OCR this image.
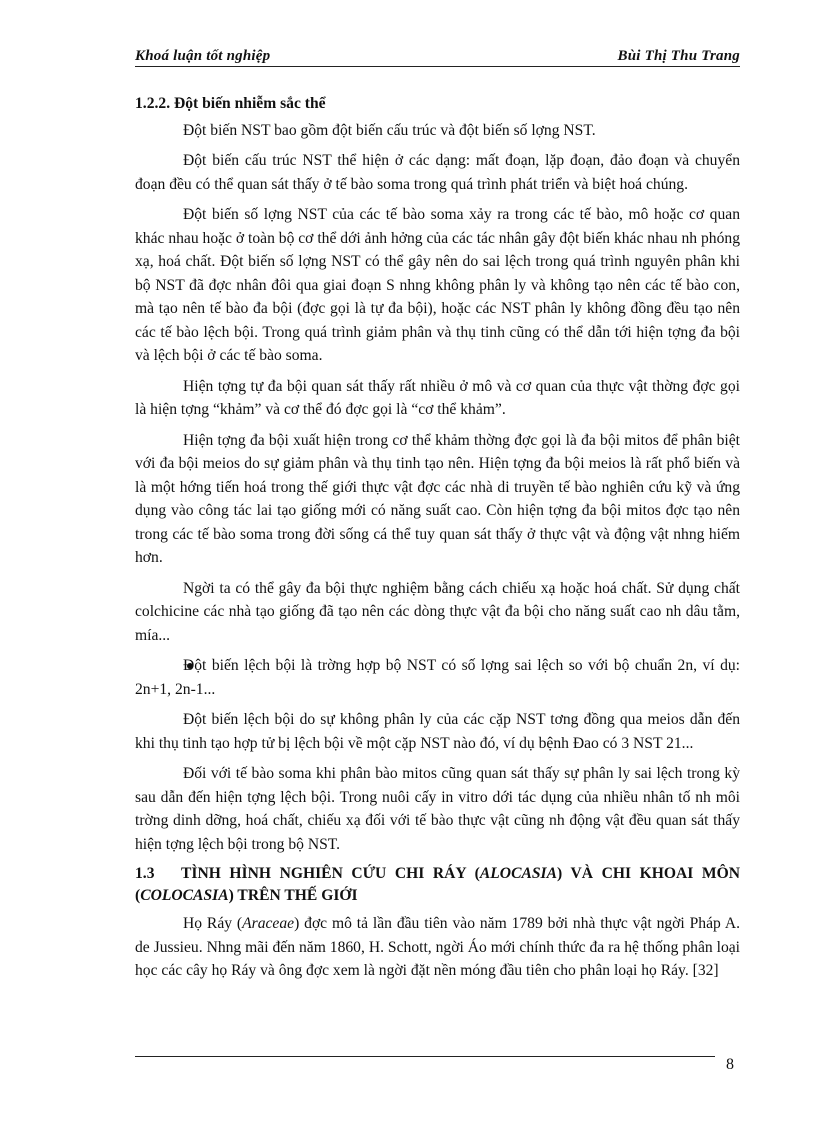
Khoá luận tốt nghiệp	Bùi Thị Thu Trang
1.2.2. Đột biến nhiễm sắc thể

Đột biến NST bao gồm đột biến cấu trúc và đột biến số lợng NST.

Đột biến cấu trúc NST thể hiện ở các dạng: mất đoạn, lặp đoạn, đảo đoạn và chuyển đoạn đều có thể quan sát thấy ở tế bào soma trong quá trình phát triển và biệt hoá chúng.

Đột biến số lợng NST của các tế bào soma xảy ra trong các tế bào, mô hoặc cơ quan khác nhau hoặc ở toàn bộ cơ thể dới ảnh hởng của các tác nhân gây đột biến khác nhau nh phóng xạ, hoá chất. Đột biến số lợng NST có thể gây nên do sai lệch trong quá trình nguyên phân khi bộ NST đã đợc nhân đôi qua giai đoạn S nhng không phân ly và không tạo nên các tế bào con, mà tạo nên tế bào đa bội (đợc gọi là tự đa bội), hoặc các NST phân ly không đồng đều tạo nên các tế bào lệch bội. Trong quá trình giảm phân và thụ tinh cũng có thể dẫn tới hiện tợng đa bội và lệch bội ở các tế bào soma.

Hiện tợng tự đa bội quan sát thấy rất nhiều ở mô và cơ quan của thực vật thờng đợc gọi là hiện tợng “khảm” và cơ thể đó đợc gọi là “cơ thể khảm”.

Hiện tợng đa bội xuất hiện trong cơ thể khảm thờng đợc gọi là đa bội mitos để phân biệt với đa bội meios do sự giảm phân và thụ tinh tạo nên. Hiện tợng đa bội meios là rất phổ biến và là một hớng tiến hoá trong thế giới thực vật đợc các nhà di truyền tế bào nghiên cứu kỹ và ứng dụng vào công tác lai tạo giống mới có năng suất cao. Còn hiện tợng đa bội mitos đợc tạo nên trong các tế bào soma trong đời sống cá thể tuy quan sát thấy ở thực vật và động vật nhng hiếm hơn.

Ngời ta có thể gây đa bội thực nghiệm bằng cách chiếu xạ hoặc hoá chất. Sử dụng chất colchicine các nhà tạo giống đã tạo nên các dòng thực vật đa bội cho năng suất cao nh dâu tằm, mía...

Đột biến lệch bội là trờng hợp bộ NST có số lợng sai lệch so với bộ chuẩn 2n, ví dụ: 2n+1, 2n-1...

Đột biến lệch bội do sự không phân ly của các cặp NST tơng đồng qua meios dẫn đến khi thụ tinh tạo hợp tử bị lệch bội về một cặp NST nào đó, ví dụ bệnh Đao có 3 NST 21...

Đối với tế bào soma khi phân bào mitos cũng quan sát thấy sự phân ly sai lệch trong kỳ sau dẫn đến hiện tợng lệch bội. Trong nuôi cấy in vitro dới tác dụng của nhiều nhân tố nh môi trờng dinh dỡng, hoá chất, chiếu xạ đối với tế bào thực vật cũng nh động vật đều quan sát thấy hiện tợng lệch bội trong bộ NST.

1.3 TÌNH HÌNH NGHIÊN CỨU CHI RÁY (ALOCASIA) VÀ CHI KHOAI MÔN (COLOCASIA) TRÊN THẾ GIỚI

Họ Ráy (Araceae) đợc mô tả lần đầu tiên vào năm 1789 bởi nhà thực vật ngời Pháp A. de Jussieu. Nhng mãi đến năm 1860, H. Schott, ngời Áo mới chính thức đa ra hệ thống phân loại học các cây họ Ráy và ông đợc xem là ngời đặt nền móng đầu tiên cho phân loại họ Ráy. [32]

8
